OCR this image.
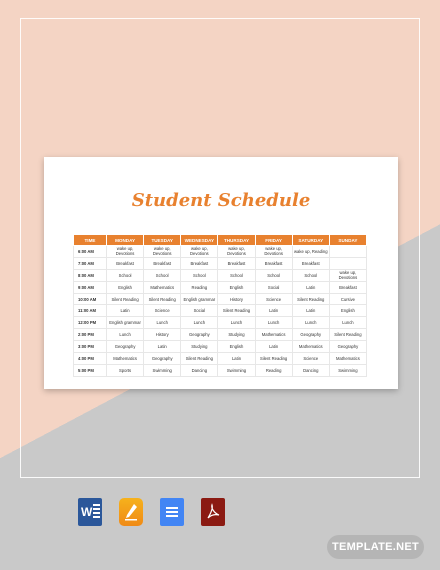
Student Schedule
TIME	MONDAY	TUESDAY	WEDNESDAY	THURSDAY	FRIDAY	SATURDAY	SUNDAY
6:00 AM	wake up, Devotions	wake up, Devotions	wake up, Devotions	wake up, Devotions	wake up, Devotions	wake up, Reading	
7:00 AM	Breakfast	Breakfast	Breakfast	Breakfast	Breakfast	Breakfast	
8:00 AM	School	School	School	School	School	School	wake up, Devotions
9:00 AM	English	Mathematics	Reading	English	Social	Latin	Breakfast
10:00 AM	Silent Reading	Silent Reading	English grammar	History	Science	Silent Reading	Cursive
11:00 AM	Latin	Science	Social	Silent Reading	Latin	Latin	English
12:00 PM	English grammar	Lunch	Lunch	Lunch	Lunch	Lunch	Lunch
2:00 PM	Lunch	History	Geography	Studying	Mathematics	Geography	Silent Reading
3:00 PM	Geography	Latin	Studying	English	Latin	Mathematics	Geography
4:00 PM	Mathematics	Geography	Silent Reading	Latin	Silent Reading	Science	Mathematics
5:00 PM	Sports	Swimming	Dancing	Swimming	Reading	Dancing	Swimming
W
TEMPLATE.NET
